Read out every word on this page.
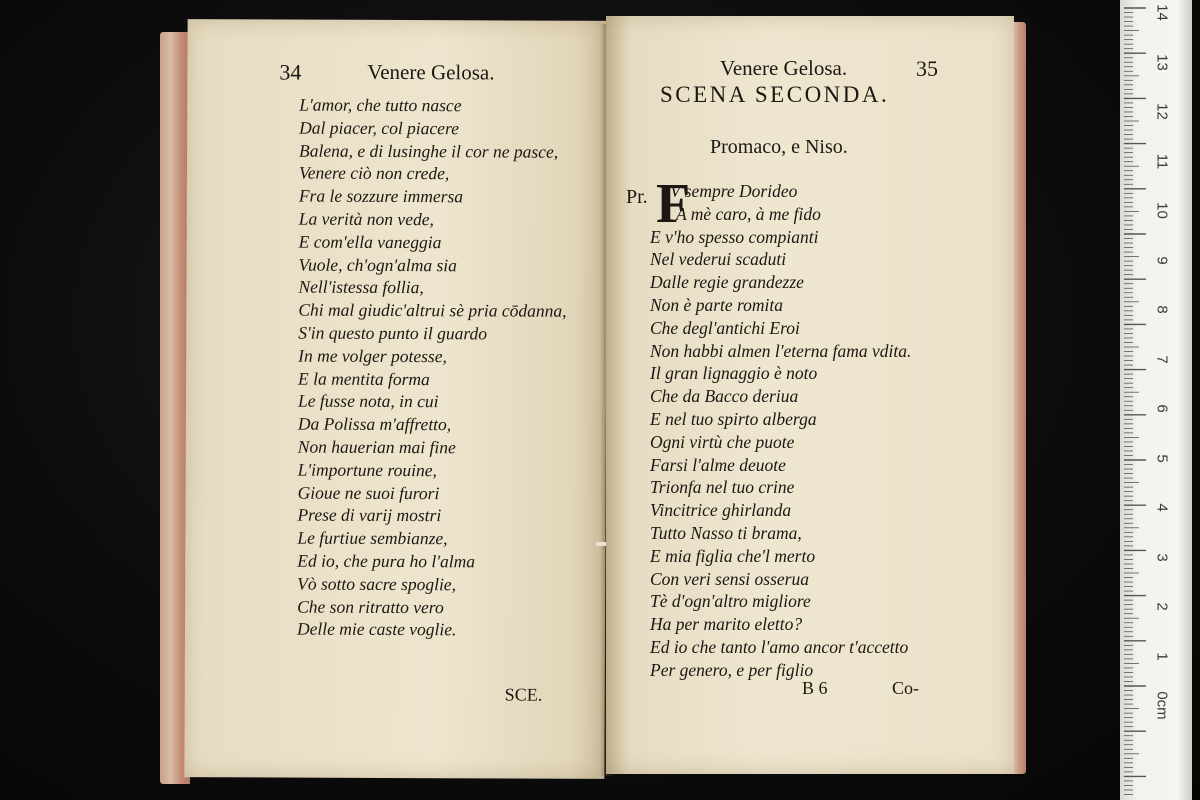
34	Venere Gelosa.
L'amor, che tutto nasce
Dal piacer, col piacere
Balena, e di lusinghe il cor ne pasce,
Venere ciò non crede,
Fra le sozzure immersa
La verità non vede,
E com'ella vaneggia
Vuole, ch'ogn'alma sia
Nell'istessa follia,
Chi mal giudic'altrui sè pria cōdanna,
S'in questo punto il guardo
In me volger potesse,
E la mentita forma
Le fusse nota, in cui
Da Polissa m'affretto,
Non hauerian mai fine
L'importune rouine,
Gioue ne suoi furori
Prese di varij mostri
Le furtiue sembianze,
Ed io, che pura ho l'alma
Vò sotto sacre spoglie,
Che son ritratto vero
Delle mie caste voglie.
SCE.
Venere Gelosa.	35
SCENA SECONDA.
Promaco, e Niso.
Pr. F
V sempre Dorideo
A mè caro, à me fido
E v'ho spesso compianti
Nel vederui scaduti
Dalle regie grandezze
Non è parte romita
Che degl'antichi Eroi
Non habbi almen l'eterna fama vdita.
Il gran lignaggio è noto
Che da Bacco deriua
E nel tuo spirto alberga
Ogni virtù che puote
Farsi l'alme deuote
Trionfa nel tuo crine
Vincitrice ghirlanda
Tutto Nasso ti brama,
E mia figlia che'l merto
Con veri sensi osserua
Tè d'ogn'altro migliore
Ha per marito eletto?
Ed io che tanto l'amo ancor t'accetto
Per genero, e per figlio
B 6	Co-
14
13
12
11
10
9
8
7
6
5
4
3
2
1
0cm
